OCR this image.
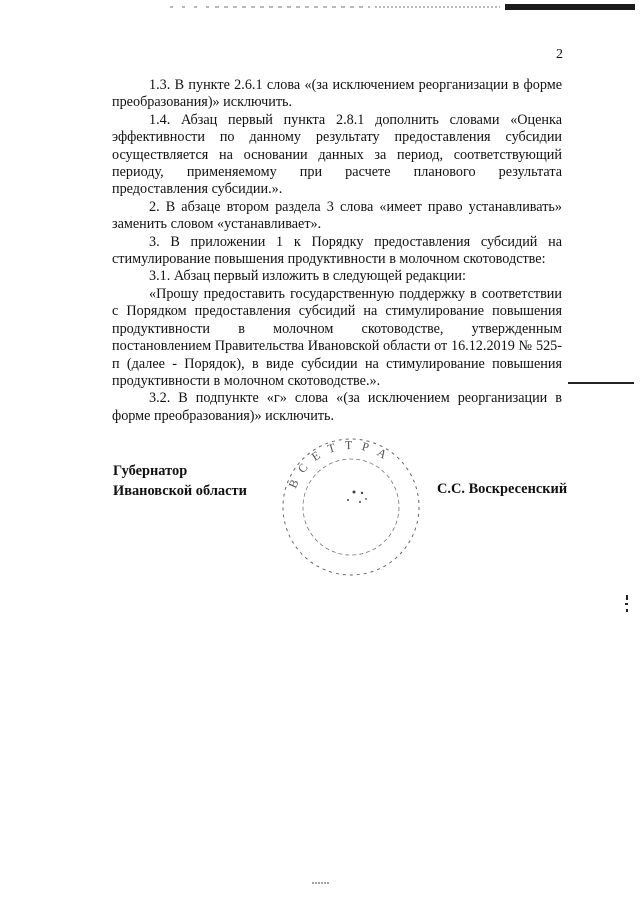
2

1.3. В пункте 2.6.1 слова «(за исключением реорганизации в форме преобразования)» исключить.

1.4. Абзац первый пункта 2.8.1 дополнить словами «Оценка эффективности по данному результату предоставления субсидии осуществляется на основании данных за период, соответствующий периоду, применяемому при расчете планового результата предоставления субсидии.».

2. В абзаце втором раздела 3 слова «имеет право устанавливать» заменить словом «устанавливает».

3. В приложении 1 к Порядку предоставления субсидий на стимулирование повышения продуктивности в молочном скотоводстве:

3.1. Абзац первый изложить в следующей редакции:

«Прошу предоставить государственную поддержку в соответствии с Порядком предоставления субсидий на стимулирование повышения продуктивности в молочном скотоводстве, утвержденным постановлением Правительства Ивановской области от 16.12.2019 № 525-п (далее - Порядок), в виде субсидии на стимулирование повышения продуктивности в молочном скотоводстве.».

3.2. В подпункте «г» слова «(за исключением реорганизации в форме преобразования)» исключить.

Губернатор
Ивановской области
В С Е Т Т Р А
С.С. Воскресенский
